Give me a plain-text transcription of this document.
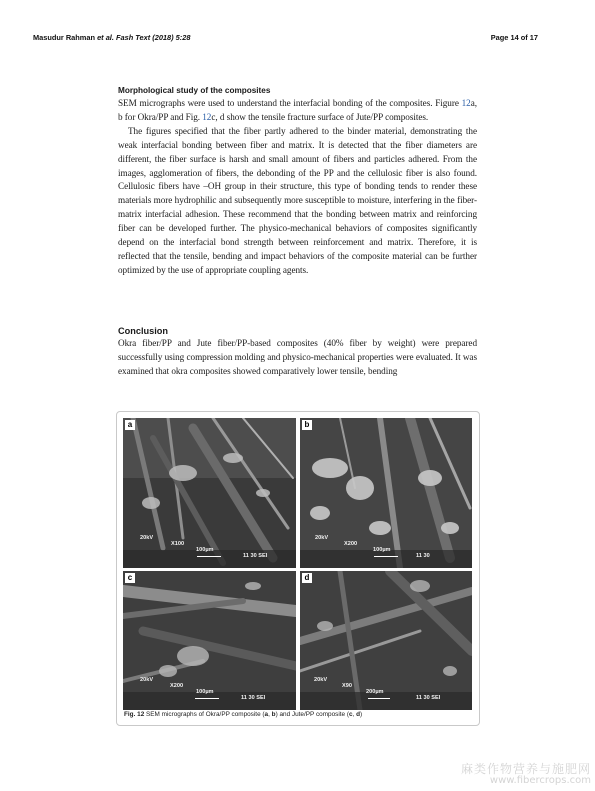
Masudur Rahman et al. Fash Text (2018) 5:28	Page 14 of 17
Morphological study of the composites

SEM micrographs were used to understand the interfacial bonding of the composites. Figure 12a, b for Okra/PP and Fig. 12c, d show the tensile fracture surface of Jute/PP composites.

The figures specified that the fiber partly adhered to the binder material, demonstrating the weak interfacial bonding between fiber and matrix. It is detected that the fiber diameters are different, the fiber surface is harsh and small amount of fibers and particles adhered. From the images, agglomeration of fibers, the debonding of the PP and the cellulosic fiber is also found. Cellulosic fibers have –OH group in their structure, this type of bonding tends to render these materials more hydrophilic and subsequently more susceptible to moisture, interfering in the fiber-matrix interfacial adhesion. These recommend that the bonding between matrix and reinforcing fiber can be developed further. The physico-mechanical behaviors of composites significantly depend on the interfacial bond strength between reinforcement and matrix. Therefore, it is reflected that the tensile, bending and impact behaviors of the composite material can be further optimized by the use of appropriate coupling agents.

Conclusion

Okra fiber/PP and Jute fiber/PP-based composites (40% fiber by weight) were prepared successfully using compression molding and physico-mechanical properties were evaluated. It was examined that okra composites showed comparatively lower tensile, bending

a

20kV

X100

100µm

11 30 SEI

b

20kV

X200

100µm

11 30

c

20kV

X200

100µm

11 30 SEI

d

20kV

X90

200µm

11 30 SEI

Fig. 12 SEM micrographs of Okra/PP composite (a, b) and Jute/PP composite (c, d)
麻类作物营养与施肥网
www.fibercrops.com
